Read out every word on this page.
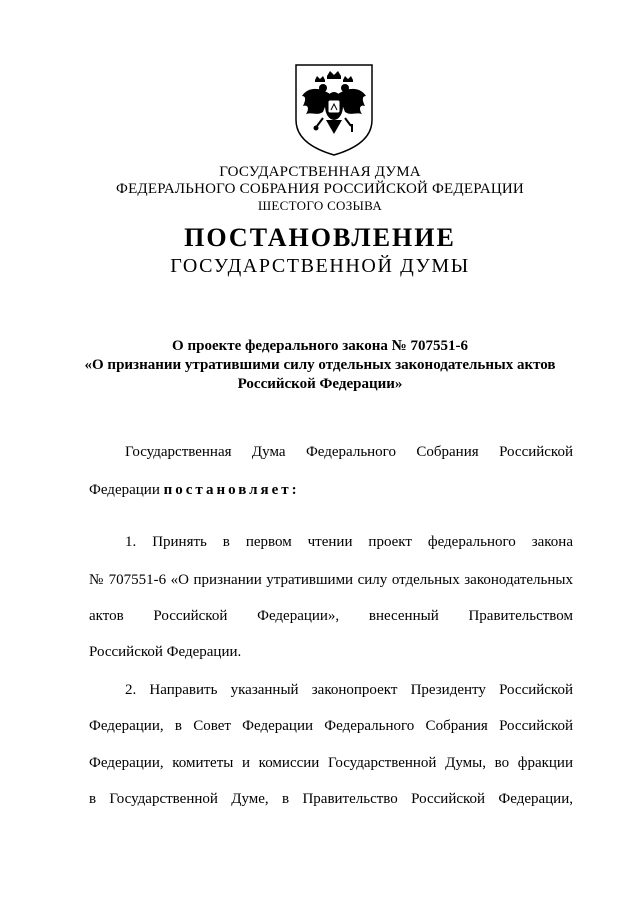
ГОСУДАРСТВЕННАЯ ДУМА
ФЕДЕРАЛЬНОГО СОБРАНИЯ РОССИЙСКОЙ ФЕДЕРАЦИИ
ШЕСТОГО СОЗЫВА
ПОСТАНОВЛЕНИЕ
ГОСУДАРСТВЕННОЙ ДУМЫ
О проекте федерального закона № 707551-6
«О признании утратившими силу отдельных законодательных актов
Российской Федерации»
Государственная Дума Федерального Собрания Российской
Федерации постановляет:
1. Принять в первом чтении проект федерального закона
№ 707551-6 «О признании утратившими силу отдельных законодательных
актов Российской Федерации», внесенный Правительством
Российской Федерации.
2. Направить указанный законопроект Президенту Российской
Федерации, в Совет Федерации Федерального Собрания Российской
Федерации, комитеты и комиссии Государственной Думы, во фракции
в Государственной Думе, в Правительство Российской Федерации,
